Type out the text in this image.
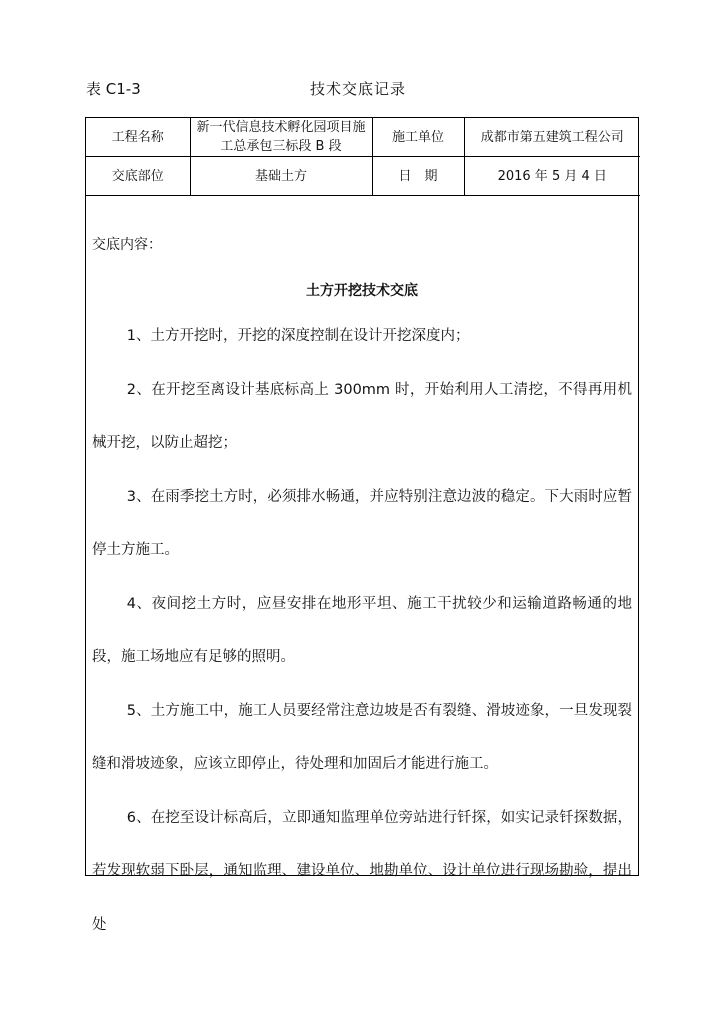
表 C1-3	技术交底记录
工程名称	新一代信息技术孵化园项目施工总承包三标段 B 段	施工单位	成都市第五建筑工程公司
交底部位	基础土方	日　期	2016 年 5 月 4 日
交底内容：
土方开挖技术交底

1、土方开挖时，开挖的深度控制在设计开挖深度内；

2、在开挖至离设计基底标高上 300mm 时，开始利用人工清挖，不得再用机械开挖，以防止超挖；

3、在雨季挖土方时，必须排水畅通，并应特别注意边波的稳定。下大雨时应暂停土方施工。

4、夜间挖土方时，应昼安排在地形平坦、施工干扰较少和运输道路畅通的地段，施工场地应有足够的照明。

5、土方施工中，施工人员要经常注意边坡是否有裂缝、滑坡迹象，一旦发现裂缝和滑坡迹象，应该立即停止，待处理和加固后才能进行施工。

6、在挖至设计标高后，立即通知监理单位旁站进行钎探，如实记录钎探数据，若发现软弱下卧层，通知监理、建设单位、地勘单位、设计单位进行现场勘验，提出处
